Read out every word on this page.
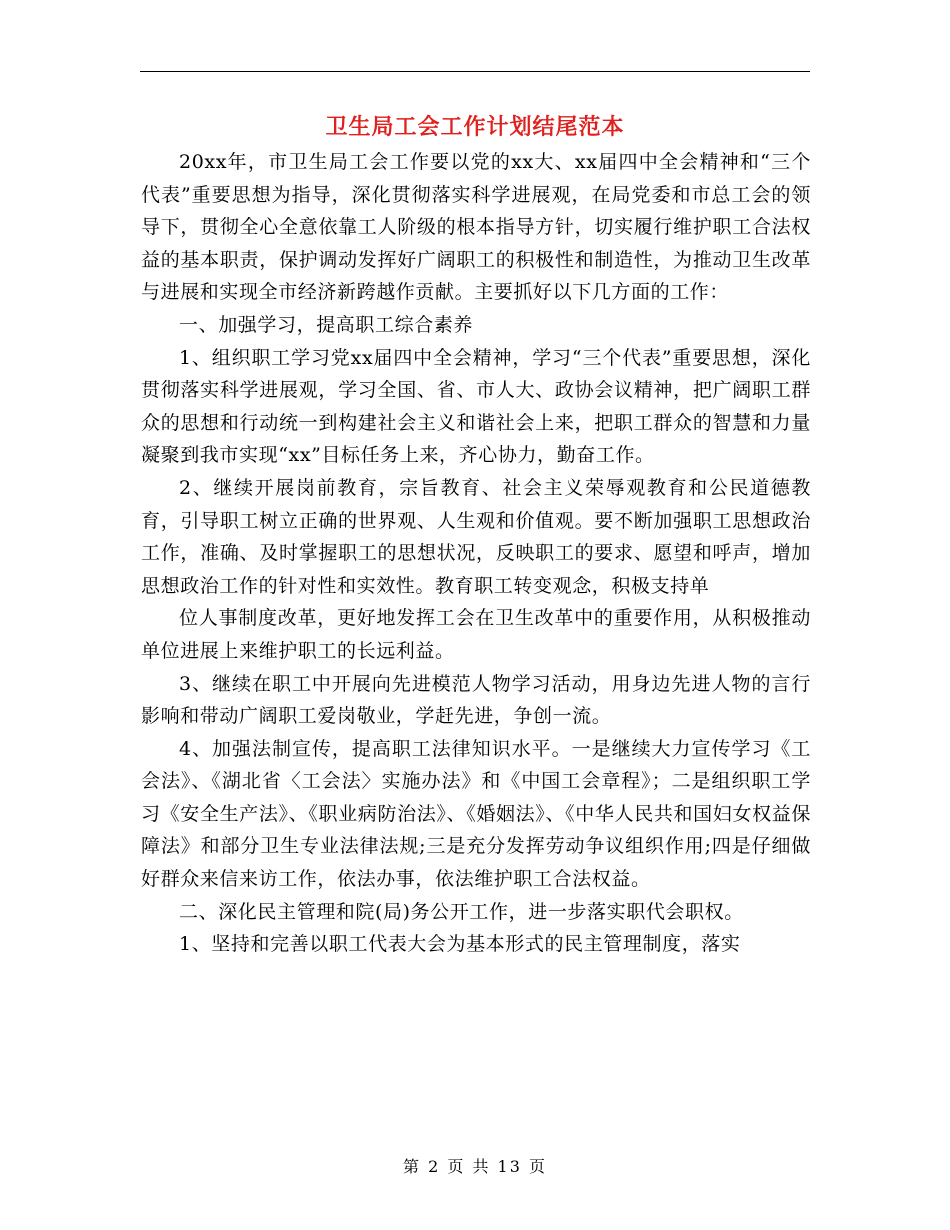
卫生局工会工作计划结尾范本

20xx年，市卫生局工会工作要以党的xx大、xx届四中全会精神和“三个代表”重要思想为指导，深化贯彻落实科学进展观，在局党委和市总工会的领导下，贯彻全心全意依靠工人阶级的根本指导方针，切实履行维护职工合法权益的基本职责，保护调动发挥好广阔职工的积极性和制造性，为推动卫生改革与进展和实现全市经济新跨越作贡献。主要抓好以下几方面的工作：

一、加强学习，提高职工综合素养

1、组织职工学习党xx届四中全会精神，学习“三个代表”重要思想，深化贯彻落实科学进展观，学习全国、省、市人大、政协会议精神，把广阔职工群众的思想和行动统一到构建社会主义和谐社会上来，把职工群众的智慧和力量凝聚到我市实现“xx”目标任务上来，齐心协力，勤奋工作。

2、继续开展岗前教育，宗旨教育、社会主义荣辱观教育和公民道德教育，引导职工树立正确的世界观、人生观和价值观。要不断加强职工思想政治工作，准确、及时掌握职工的思想状况，反映职工的要求、愿望和呼声，增加思想政治工作的针对性和实效性。教育职工转变观念，积极支持单

位人事制度改革，更好地发挥工会在卫生改革中的重要作用，从积极推动单位进展上来维护职工的长远利益。

3、继续在职工中开展向先进模范人物学习活动，用身边先进人物的言行影响和带动广阔职工爱岗敬业，学赶先进，争创一流。

4、加强法制宣传，提高职工法律知识水平。一是继续大力宣传学习《工会法》、《湖北省〈工会法〉实施办法》和《中国工会章程》；二是组织职工学习《安全生产法》、《职业病防治法》、《婚姻法》、《中华人民共和国妇女权益保障法》和部分卫生专业法律法规;三是充分发挥劳动争议组织作用;四是仔细做好群众来信来访工作，依法办事，依法维护职工合法权益。

二、深化民主管理和院(局)务公开工作，进一步落实职代会职权。

1、坚持和完善以职工代表大会为基本形式的民主管理制度，落实

第 2 页 共 13 页
